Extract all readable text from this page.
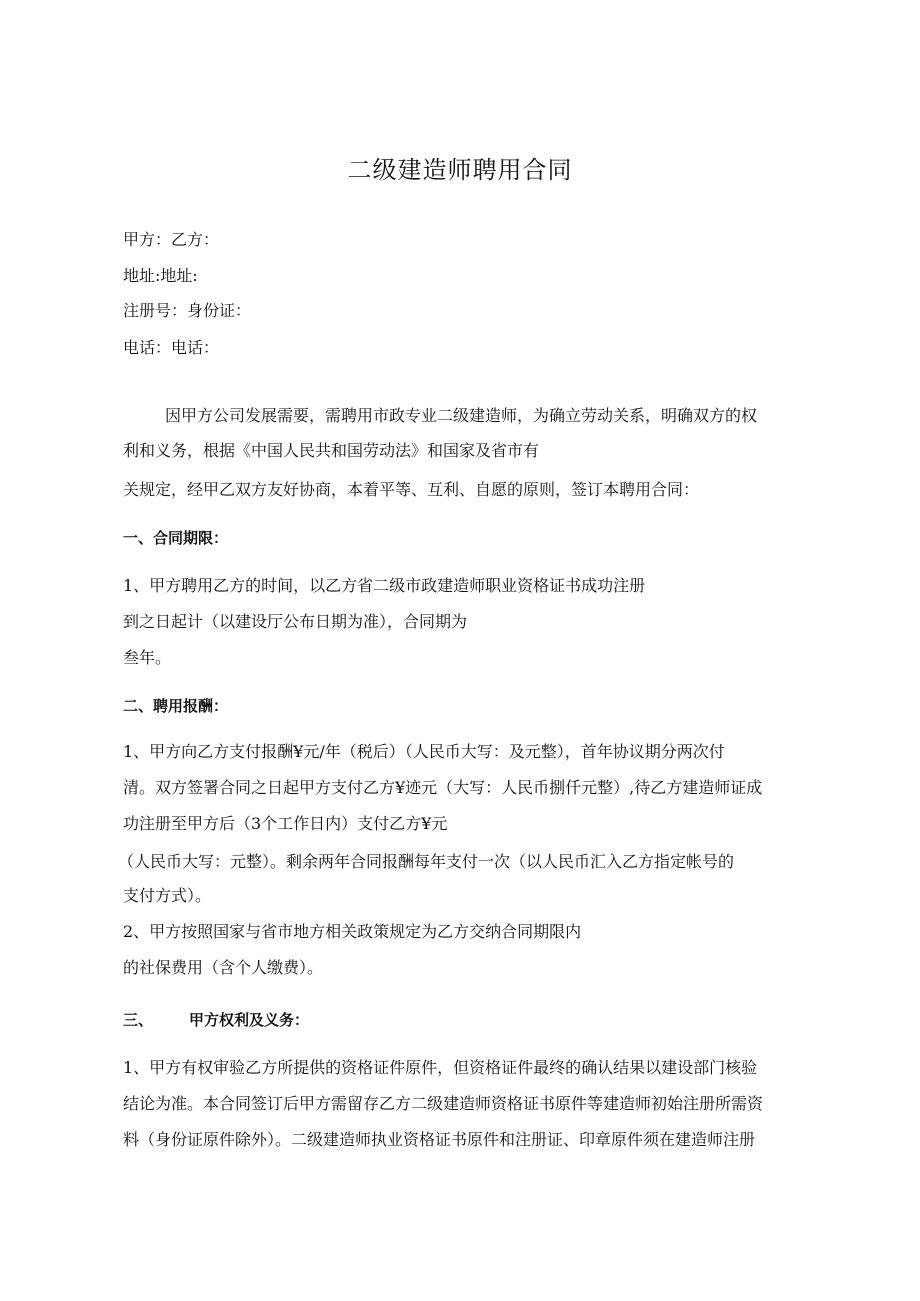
二级建造师聘用合同
甲方：乙方：
地址:地址:
注册号：身份证：
电话：电话：
因甲方公司发展需要，需聘用市政专业二级建造师，为确立劳动关系，明确双方的权
利和义务，根据《中国人民共和国劳动法》和国家及省市有
关规定，经甲乙双方友好协商，本着平等、互利、自愿的原则，签订本聘用合同：
一、合同期限：
1、甲方聘用乙方的时间，以乙方省二级市政建造师职业资格证书成功注册
到之日起计（以建设厅公布日期为准），合同期为
叁年。
二、聘用报酬：
1、甲方向乙方支付报酬¥元/年（税后）（人民币大写：及元整），首年协议期分两次付
清。双方签署合同之日起甲方支付乙方¥迹元（大写：人民币捌仟元整）,待乙方建造师证成
功注册至甲方后（3个工作日内）支付乙方¥元
（人民币大写：元整）。剩余两年合同报酬每年支付一次（以人民币汇入乙方指定帐号的
支付方式）。
2、甲方按照国家与省市地方相关政策规定为乙方交纳合同期限内
的社保费用（含个人缴费）。
三、 甲方权利及义务：
1、甲方有权审验乙方所提供的资格证件原件，但资格证件最终的确认结果以建设部门核验
结论为准。本合同签订后甲方需留存乙方二级建造师资格证书原件等建造师初始注册所需资
料（身份证原件除外）。二级建造师执业资格证书原件和注册证、印章原件须在建造师注册
